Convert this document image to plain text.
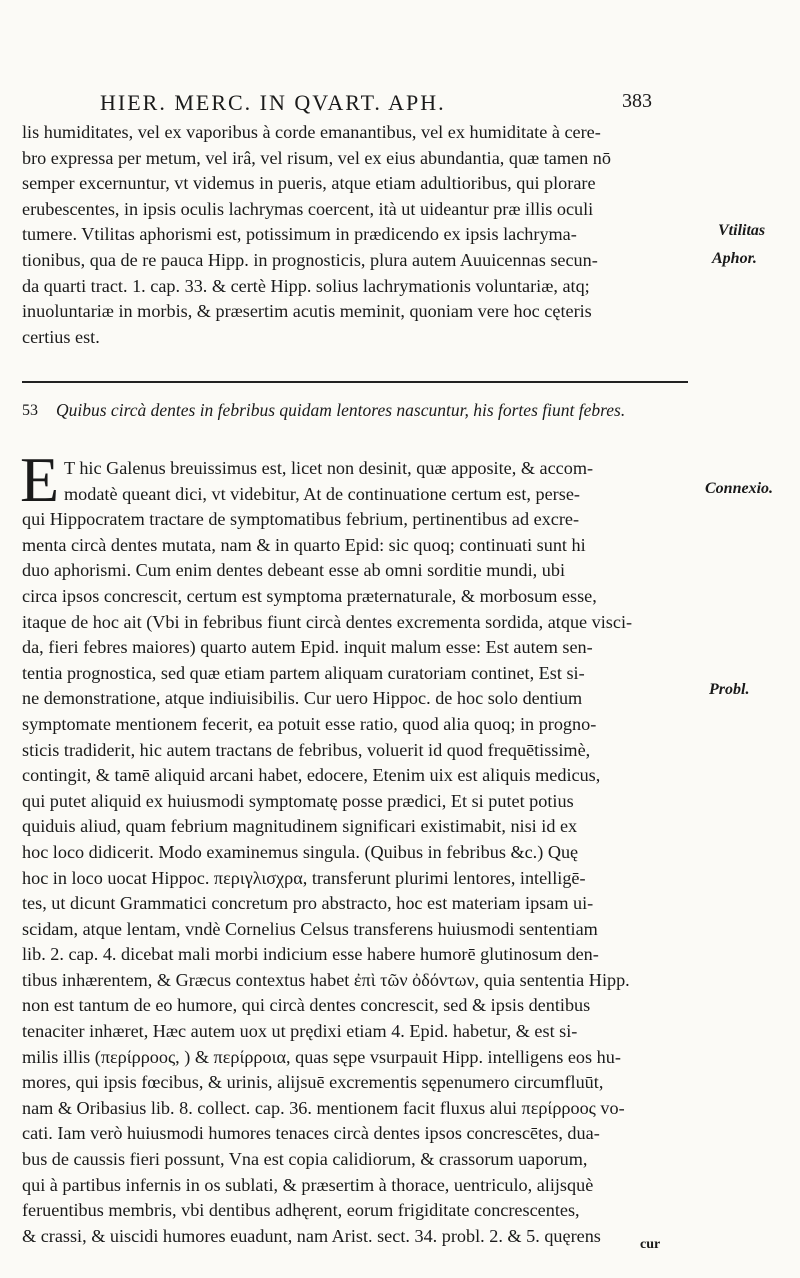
HIER. MERC. IN QVART. APH.	383
lis humiditates, vel ex vaporibus à corde emanantibus, vel ex humiditate à cere-
bro expressa per metum, vel irâ, vel risum, vel ex eius abundantia, quæ tamen nō
semper excernuntur, vt videmus in pueris, atque etiam adultioribus, qui plorare
erubescentes, in ipsis oculis lachrymas coercent, ità ut uideantur præ illis oculi
tumere. Vtilitas aphorismi est, potissimum in prædicendo ex ipsis lachryma-
tionibus, qua de re pauca Hipp. in prognosticis, plura autem Auuicennas secun-
da quarti tract. 1. cap. 33. & certè Hipp. solius lachrymationis voluntariæ, atq;
inuoluntariæ in morbis, & præsertim acutis meminit, quoniam vere hoc cęteris
certius est.
Vtilitas
Aphor.
53 Quibus circà dentes in febribus quidam lentores nascuntur, his fortes fiunt febres.
E T hic Galenus breuissimus est, licet non desinit, quæ apposite, & accom-
modatè queant dici, vt videbitur, At de continuatione certum est, perse-
qui Hippocratem tractare de symptomatibus febrium, pertinentibus ad excre-
menta circà dentes mutata, nam & in quarto Epid: sic quoq; continuati sunt hi
duo aphorismi. Cum enim dentes debeant esse ab omni sorditie mundi, ubi
circa ipsos concrescit, certum est symptoma præternaturale, & morbosum esse,
itaque de hoc ait (Vbi in febribus fiunt circà dentes excrementa sordida, atque visci-
da, fieri febres maiores) quarto autem Epid. inquit malum esse: Est autem sen-
tentia prognostica, sed quæ etiam partem aliquam curatoriam continet, Est si-
ne demonstratione, atque indiuisibilis. Cur uero Hippoc. de hoc solo dentium
symptomate mentionem fecerit, ea potuit esse ratio, quod alia quoq; in progno-
sticis tradiderit, hic autem tractans de febribus, voluerit id quod frequētissimè,
contingit, & tamē aliquid arcani habet, edocere, Etenim uix est aliquis medicus,
qui putet aliquid ex huiusmodi symptomatę posse prædici, Et si putet potius
quiduis aliud, quam febrium magnitudinem significari existimabit, nisi id ex
hoc loco didicerit. Modo examinemus singula. (Quibus in febribus &c.) Quę
hoc in loco uocat Hippoc. περιγλισχρα, transferunt plurimi lentores, intelligē-
tes, ut dicunt Grammatici concretum pro abstracto, hoc est materiam ipsam ui-
scidam, atque lentam, vndè Cornelius Celsus transferens huiusmodi sententiam
lib. 2. cap. 4. dicebat mali morbi indicium esse habere humorē glutinosum den-
tibus inhærentem, & Græcus contextus habet ἐπὶ τῶν ὀδόντων, quia sententia Hipp.
non est tantum de eo humore, qui circà dentes concrescit, sed & ipsis dentibus
tenaciter inhæret, Hæc autem uox ut prędixi etiam 4. Epid. habetur, & est si-
milis illis (περίρροος, ) & περίρροια, quas sępe vsurpauit Hipp. intelligens eos hu-
mores, qui ipsis fœcibus, & urinis, alijsuē excrementis sępenumero circumfluūt,
nam & Oribasius lib. 8. collect. cap. 36. mentionem facit fluxus alui περίρροος vo-
cati. Iam verò huiusmodi humores tenaces circà dentes ipsos concrescētes, dua-
bus de caussis fieri possunt, Vna est copia calidiorum, & crassorum uaporum,
qui à partibus infernis in os sublati, & præsertim à thorace, uentriculo, alijsquè
feruentibus membris, vbi dentibus adhęrent, eorum frigiditate concrescentes,
& crassi, & uiscidi humores euadunt, nam Arist. sect. 34. probl. 2. & 5. quęrens
Connexio.
Probl.
cur
